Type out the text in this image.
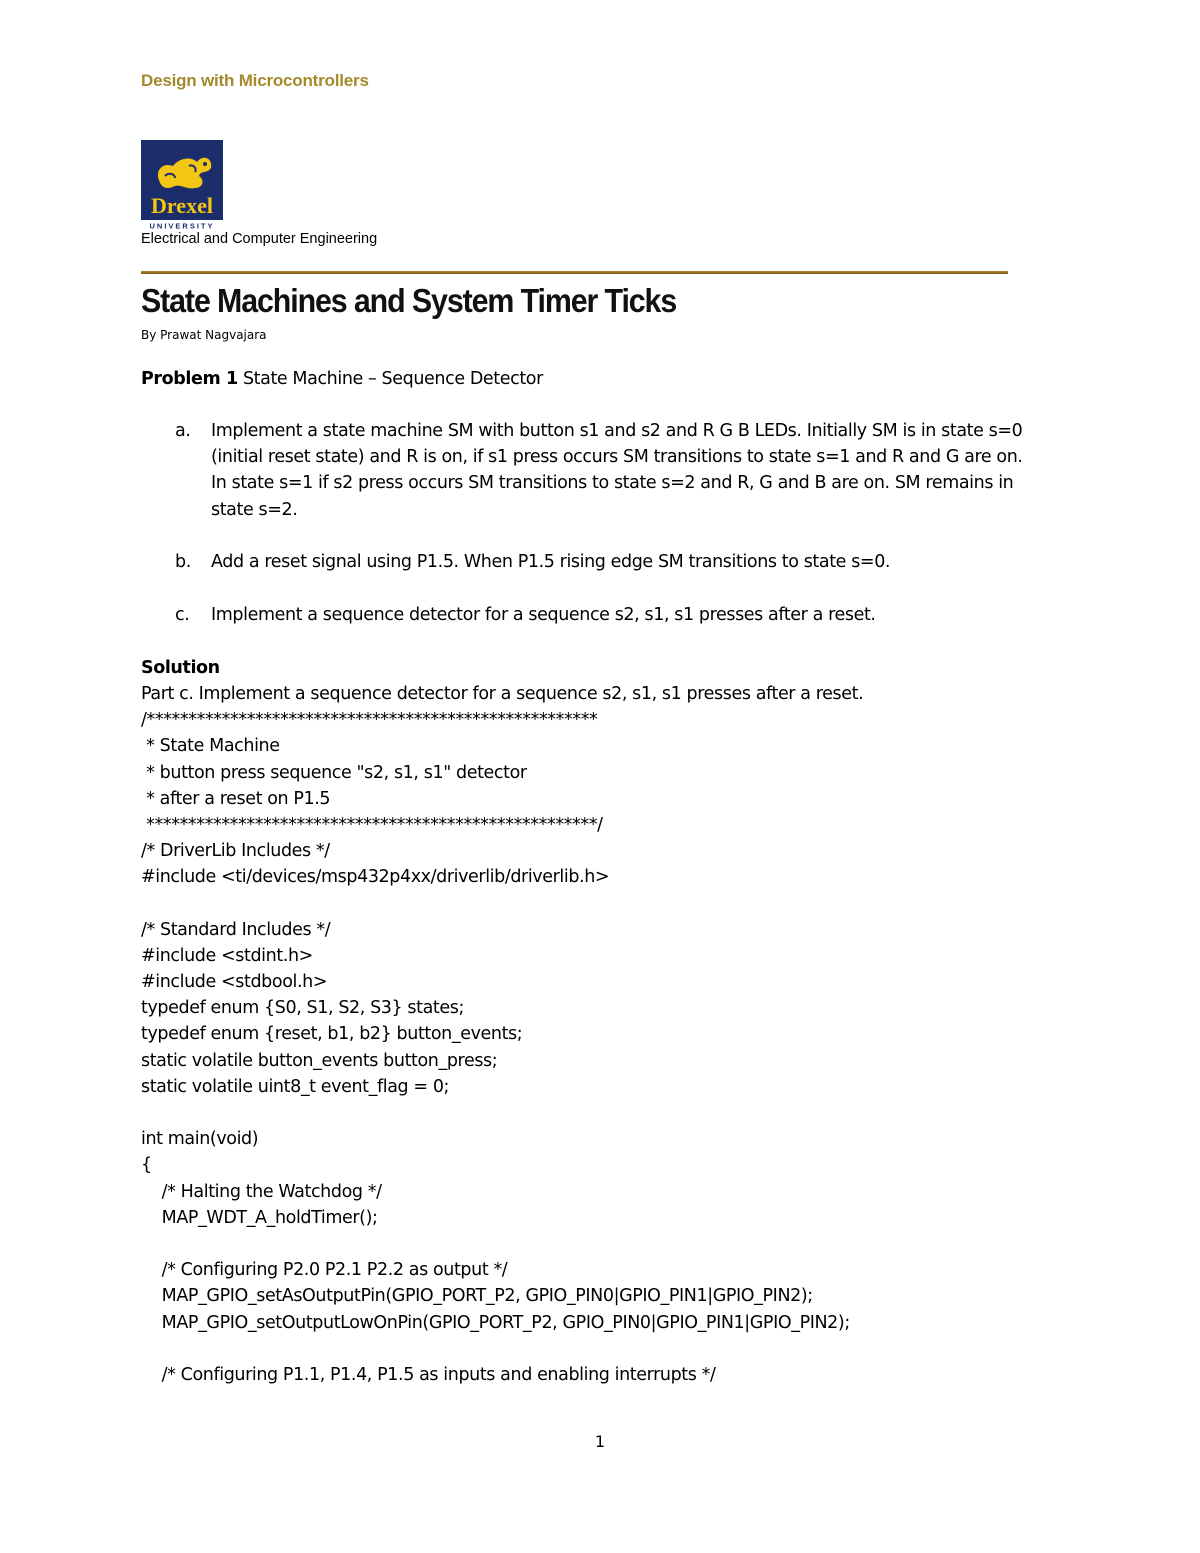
Design with Microcontrollers
Drexel
UNIVERSITY
Electrical and Computer Engineering
State Machines and System Timer Ticks
By Prawat Nagvajara
Problem 1 State Machine – Sequence Detector
a. Implement a state machine SM with button s1 and s2 and R G B LEDs. Initially SM is in state s=0
(initial reset state) and R is on, if s1 press occurs SM transitions to state s=1 and R and G are on.
In state s=1 if s2 press occurs SM transitions to state s=2 and R, G and B are on. SM remains in
state s=2.
b. Add a reset signal using P1.5. When P1.5 rising edge SM transitions to state s=0.
c. Implement a sequence detector for a sequence s2, s1, s1 presses after a reset.
Solution
Part c. Implement a sequence detector for a sequence s2, s1, s1 presses after a reset.
/******************************************************
* State Machine
* button press sequence "s2, s1, s1" detector
* after a reset on P1.5
******************************************************/
/* DriverLib Includes */
#include <ti/devices/msp432p4xx/driverlib/driverlib.h>
/* Standard Includes */
#include <stdint.h>
#include <stdbool.h>
typedef enum {S0, S1, S2, S3} states;
typedef enum {reset, b1, b2} button_events;
static volatile button_events button_press;
static volatile uint8_t event_flag = 0;
int main(void)
{
/* Halting the Watchdog */
MAP_WDT_A_holdTimer();
/* Configuring P2.0 P2.1 P2.2 as output */
MAP_GPIO_setAsOutputPin(GPIO_PORT_P2, GPIO_PIN0|GPIO_PIN1|GPIO_PIN2);
MAP_GPIO_setOutputLowOnPin(GPIO_PORT_P2, GPIO_PIN0|GPIO_PIN1|GPIO_PIN2);
/* Configuring P1.1, P1.4, P1.5 as inputs and enabling interrupts */
1
